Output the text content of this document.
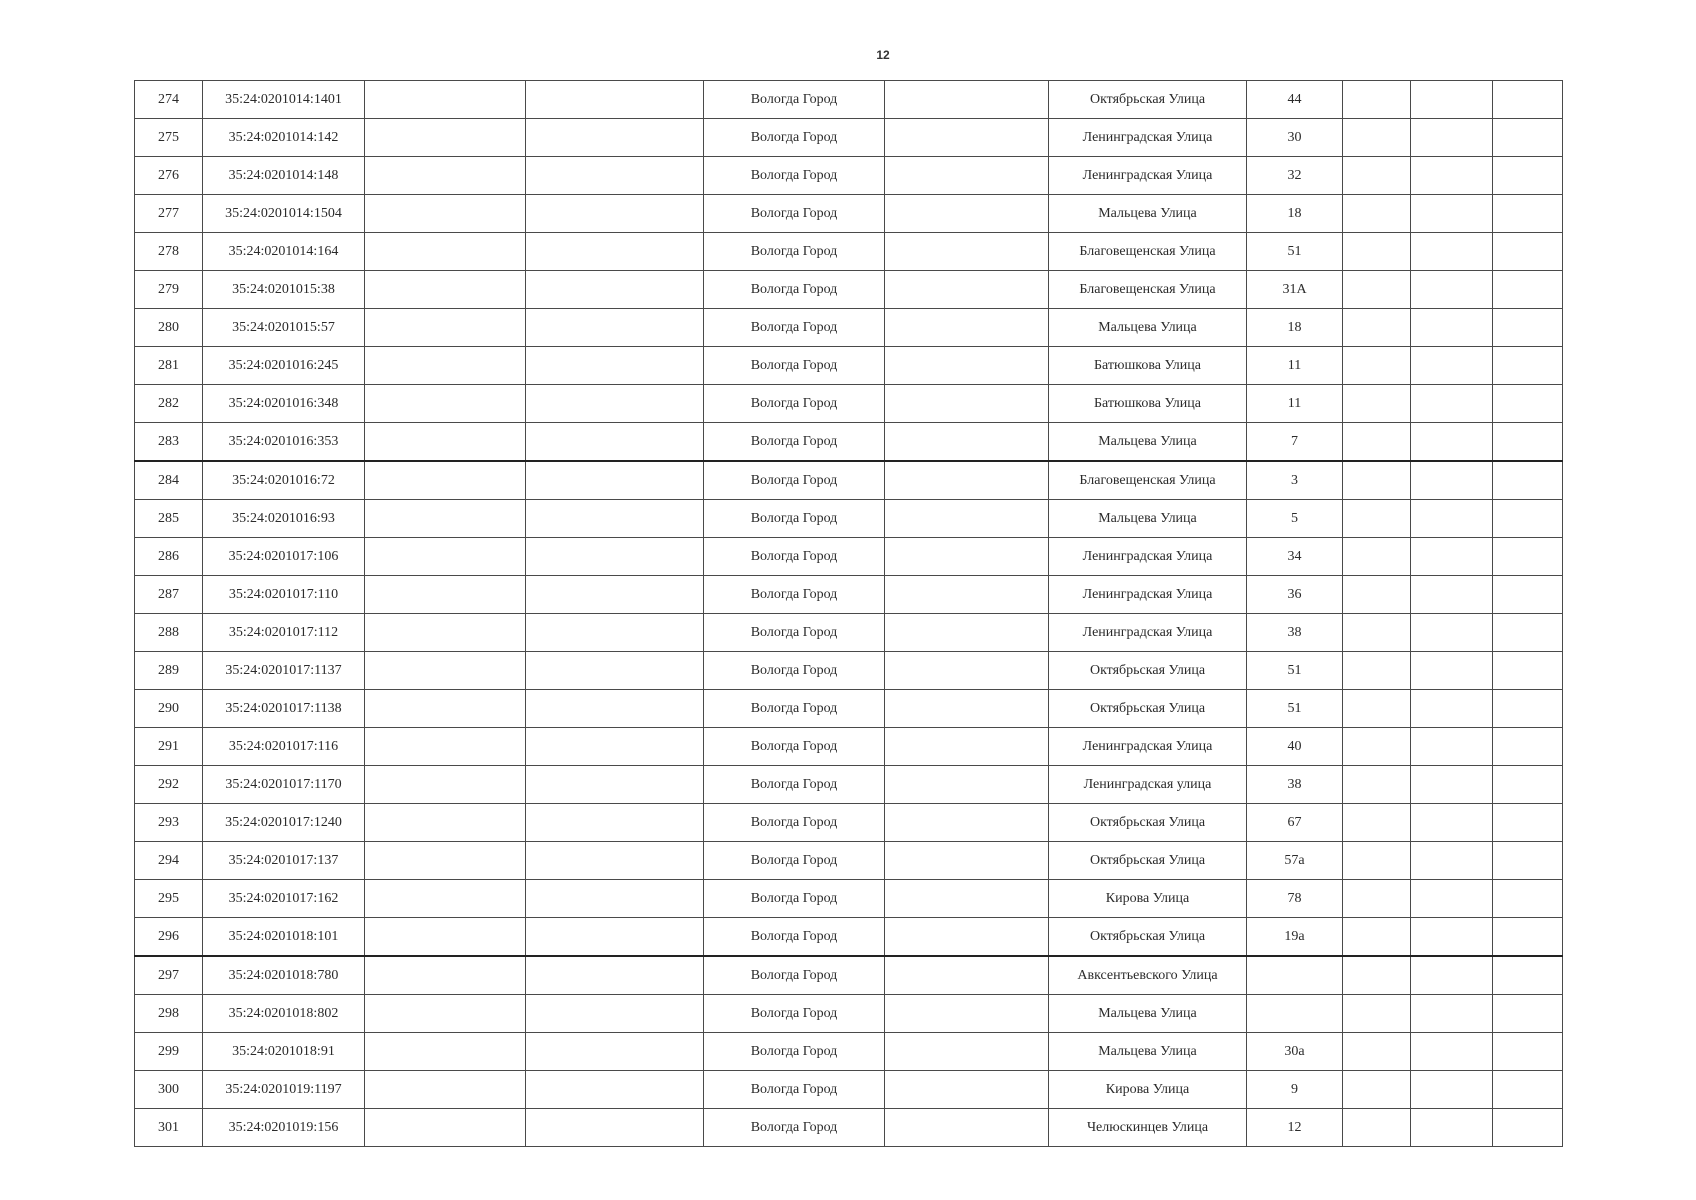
12
274	35:24:0201014:1401			Вологда Город		Октябрьская Улица	44			
275	35:24:0201014:142			Вологда Город		Ленинградская Улица	30			
276	35:24:0201014:148			Вологда Город		Ленинградская Улица	32			
277	35:24:0201014:1504			Вологда Город		Мальцева Улица	18			
278	35:24:0201014:164			Вологда Город		Благовещенская Улица	51			
279	35:24:0201015:38			Вологда Город		Благовещенская Улица	31А			
280	35:24:0201015:57			Вологда Город		Мальцева Улица	18			
281	35:24:0201016:245			Вологда Город		Батюшкова Улица	11			
282	35:24:0201016:348			Вологда Город		Батюшкова Улица	11			
283	35:24:0201016:353			Вологда Город		Мальцева Улица	7			
284	35:24:0201016:72			Вологда Город		Благовещенская Улица	3			
285	35:24:0201016:93			Вологда Город		Мальцева Улица	5			
286	35:24:0201017:106			Вологда Город		Ленинградская Улица	34			
287	35:24:0201017:110			Вологда Город		Ленинградская Улица	36			
288	35:24:0201017:112			Вологда Город		Ленинградская Улица	38			
289	35:24:0201017:1137			Вологда Город		Октябрьская Улица	51			
290	35:24:0201017:1138			Вологда Город		Октябрьская Улица	51			
291	35:24:0201017:116			Вологда Город		Ленинградская Улица	40			
292	35:24:0201017:1170			Вологда Город		Ленинградская улица	38			
293	35:24:0201017:1240			Вологда Город		Октябрьская Улица	67			
294	35:24:0201017:137			Вологда Город		Октябрьская Улица	57а			
295	35:24:0201017:162			Вологда Город		Кирова Улица	78			
296	35:24:0201018:101			Вологда Город		Октябрьская Улица	19а			
297	35:24:0201018:780			Вологда Город		Авксентьевского Улица				
298	35:24:0201018:802			Вологда Город		Мальцева Улица				
299	35:24:0201018:91			Вологда Город		Мальцева Улица	30а			
300	35:24:0201019:1197			Вологда Город		Кирова Улица	9			
301	35:24:0201019:156			Вологда Город		Челюскинцев Улица	12			
